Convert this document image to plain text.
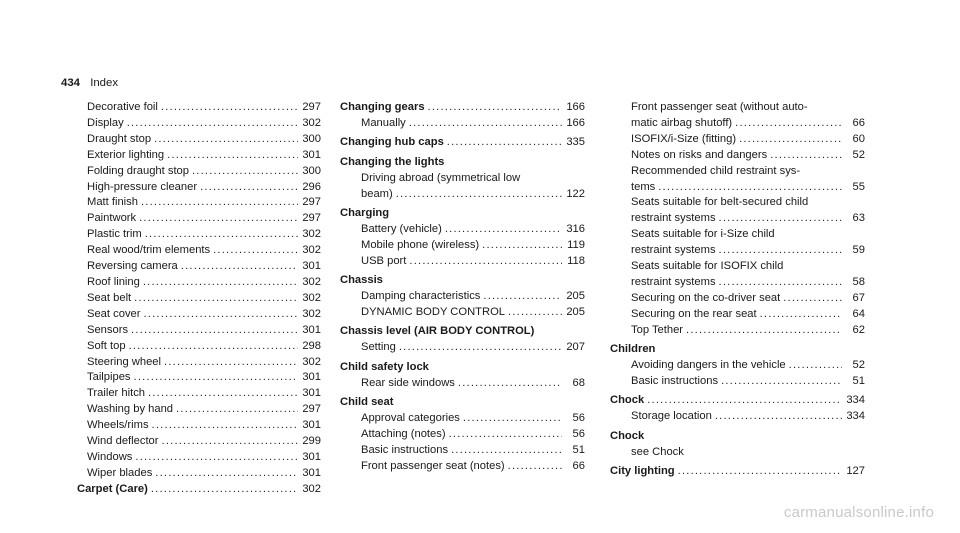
434 Index
Decorative foil .....	297
Display .....	302
Draught stop .....	300
Exterior lighting .....	301
Folding draught stop .....	300
High-pressure cleaner .....	296
Matt finish .....	297
Paintwork .....	297
Plastic trim .....	302
Real wood/trim elements .....	302
Reversing camera .....	301
Roof lining .....	302
Seat belt .....	302
Seat cover .....	302
Sensors .....	301
Soft top .....	298
Steering wheel .....	302
Tailpipes .....	301
Trailer hitch .....	301
Washing by hand .....	297
Wheels/rims .....	301
Wind deflector .....	299
Windows .....	301
Wiper blades .....	301
Carpet (Care) .....	302
Changing gears .....	166
Manually .....	166
Changing hub caps .....	335
Changing the lights
Driving abroad (symmetrical low
beam) .....	122
Charging
Battery (vehicle) .....	316
Mobile phone (wireless) .....	119
USB port .....	118
Chassis
Damping characteristics .....	205
DYNAMIC BODY CONTROL .....	205
Chassis level (AIR BODY CONTROL)
Setting .....	207
Child safety lock
Rear side windows .....	68
Child seat
Approval categories .....	56
Attaching (notes) .....	56
Basic instructions .....	51
Front passenger seat (notes) .....	66
Front passenger seat (without auto-
matic airbag shutoff) .....	66
ISOFIX/i-Size (fitting) .....	60
Notes on risks and dangers .....	52
Recommended child restraint sys-
tems .....	55
Seats suitable for belt-secured child
restraint systems .....	63
Seats suitable for i-Size child
restraint systems .....	59
Seats suitable for ISOFIX child
restraint systems .....	58
Securing on the co-driver seat .....	67
Securing on the rear seat .....	64
Top Tether .....	62
Children
Avoiding dangers in the vehicle .....	52
Basic instructions .....	51
Chock .....	334
Storage location .....	334
Chock
see Chock
City lighting .....	127
carmanualsonline.info
